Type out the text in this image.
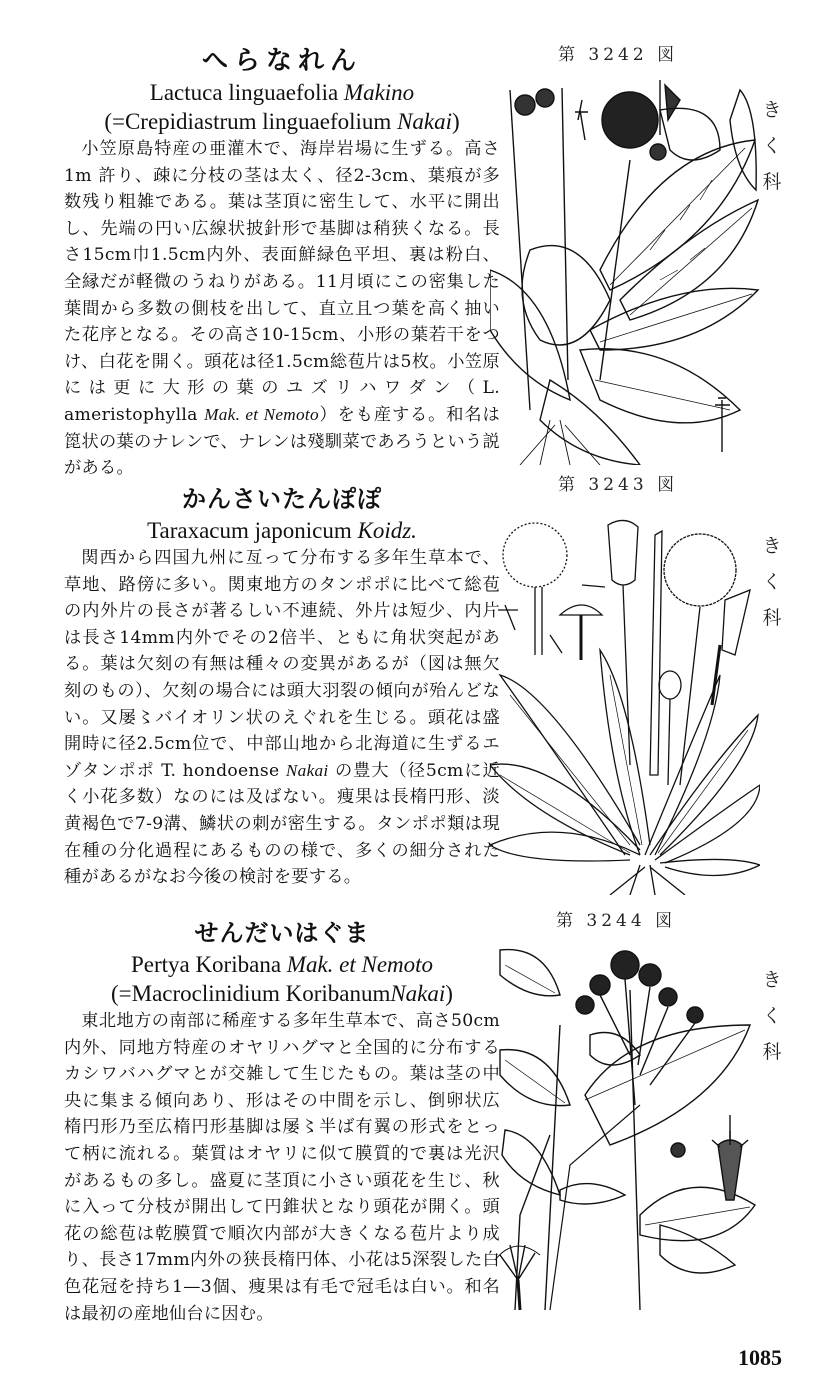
へらなれん

Lactuca linguaefolia Makino

(=Crepidiastrum linguaefolium Nakai)

小笠原島特産の亜灌木で、海岸岩場に生ずる。高さ1m 許り、疎に分枝の茎は太く、径2-3cm、葉痕が多数残り粗雑である。葉は茎頂に密生して、水平に開出し、先端の円い広線状披針形で基脚は稍狭くなる。長さ15cm巾1.5cm内外、表面鮮緑色平坦、裏は粉白、全縁だが軽微のうねりがある。11月頃にこの密集した葉間から多数の側枝を出して、直立且つ葉を高く抽いた花序となる。その高さ10-15cm、小形の葉若干をつけ、白花を開く。頭花は径1.5cm総苞片は5枚。小笠原には更に大形の葉のユズリハワダン（L. ameristophylla Mak. et Nemoto）をも産する。和名は箆状の葉のナレンで、ナレンは殘馴菜であろうという説がある。

かんさいたんぽぽ

Taraxacum japonicum Koidz.

関西から四国九州に亙って分布する多年生草本で、草地、路傍に多い。関東地方のタンポポに比べて総苞の内外片の長さが著るしい不連続、外片は短少、内片は長さ14mm内外でその2倍半、ともに角状突起がある。葉は欠刻の有無は種々の変異があるが（図は無欠刻のもの）、欠刻の場合には頭大羽裂の傾向が殆んどない。又屡〻バイオリン状のえぐれを生じる。頭花は盛開時に径2.5cm位で、中部山地から北海道に生ずるエゾタンポポ T. hondoense Nakai の豊大（径5cmに近く小花多数）なのには及ばない。痩果は長楕円形、淡黄褐色で7-9溝、鱗状の刺が密生する。タンポポ類は現在種の分化過程にあるものの様で、多くの細分された種があるがなお今後の検討を要する。

せんだいはぐま

Pertya Koribana Mak. et Nemoto

(=Macroclinidium KoribanumNakai)

東北地方の南部に稀産する多年生草本で、高さ50cm内外、同地方特産のオヤリハグマと全国的に分布するカシワバハグマとが交雑して生じたもの。葉は茎の中央に集まる傾向あり、形はその中間を示し、倒卵状広楕円形乃至広楕円形基脚は屡〻半ば有翼の形式をとって柄に流れる。葉質はオヤリに似て膜質的で裏は光沢があるもの多し。盛夏に茎頂に小さい頭花を生じ、秋に入って分枝が開出して円錐状となり頭花が開く。頭花の総苞は乾膜質で順次内部が大きくなる苞片より成り、長さ17mm内外の狭長楕円体、小花は5深裂した白色花冠を持ち1—3個、痩果は有毛で冠毛は白い。和名は最初の産地仙台に因む。

第 3242 図
第 3243 図
第 3244 図
き
く
科
き
く
科
き
く
科
1085
